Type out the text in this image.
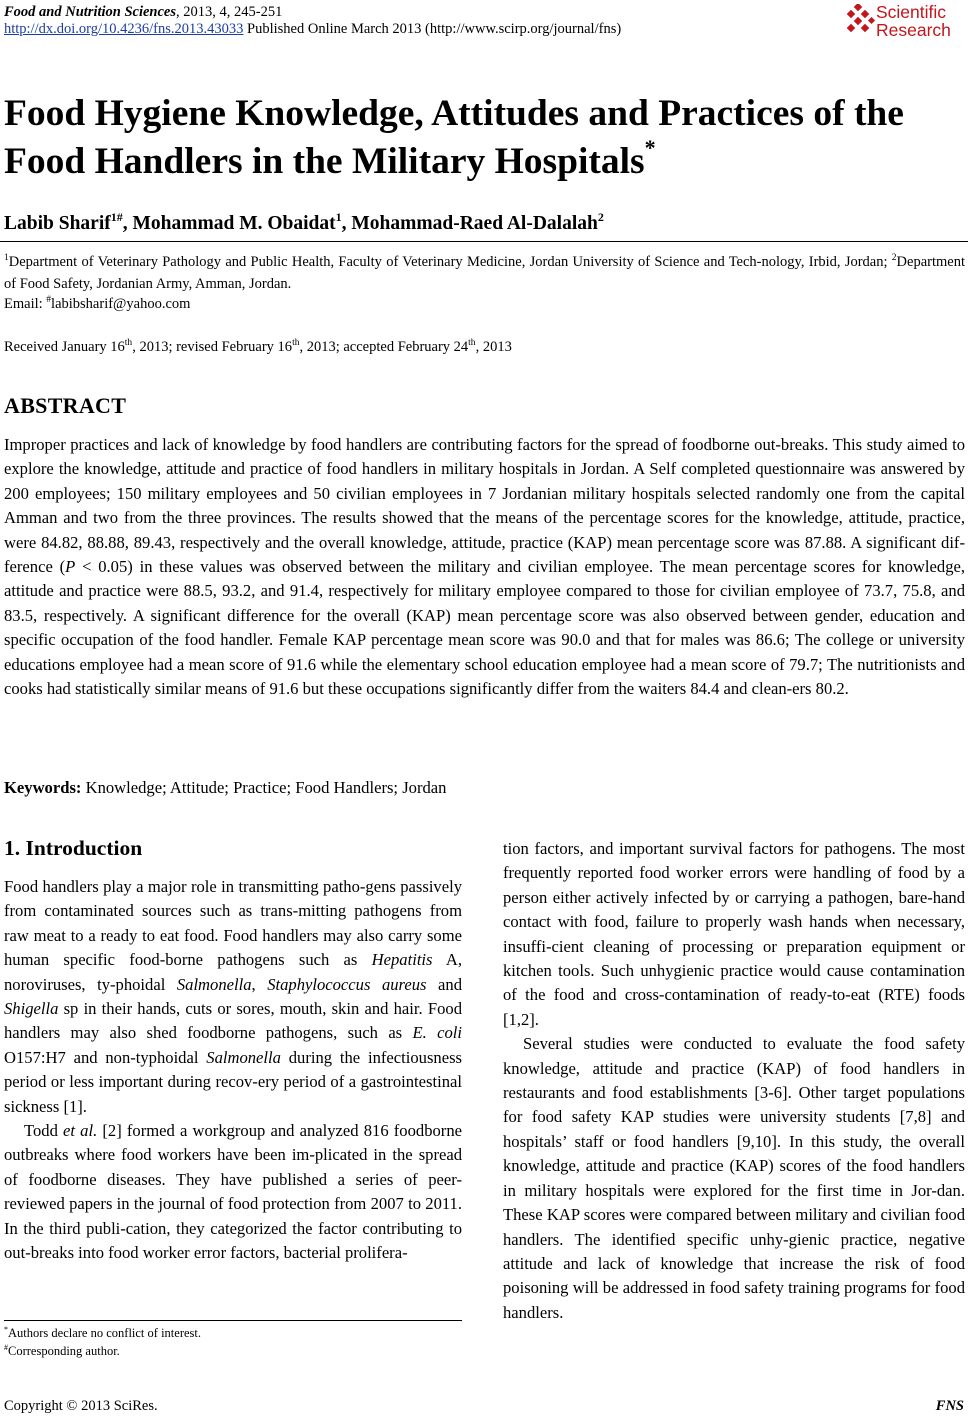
Food and Nutrition Sciences, 2013, 4, 245-251
http://dx.doi.org/10.4236/fns.2013.43033 Published Online March 2013 (http://www.scirp.org/journal/fns)
Scientific
Research
Food Hygiene Knowledge, Attitudes and Practices of the
Food Handlers in the Military Hospitals*
Labib Sharif$^{1\#}$, Mohammad M. Obaidat$^1$, Mohammad-Raed Al-Dalalah$^2$
$^1$Department of Veterinary Pathology and Public Health, Faculty of Veterinary Medicine, Jordan University of Science and Tech-nology, Irbid, Jordan; $^2$Department of Food Safety, Jordanian Army, Amman, Jordan.
Email: #labibsharif@yahoo.com
Received January 16th, 2013; revised February 16th, 2013; accepted February 24th, 2013
ABSTRACT
Improper practices and lack of knowledge by food handlers are contributing factors for the spread of foodborne out-breaks. This study aimed to explore the knowledge, attitude and practice of food handlers in military hospitals in Jordan. A Self completed questionnaire was answered by 200 employees; 150 military employees and 50 civilian employees in 7 Jordanian military hospitals selected randomly one from the capital Amman and two from the three provinces. The results showed that the means of the percentage scores for the knowledge, attitude, practice, were 84.82, 88.88, 89.43, respectively and the overall knowledge, attitude, practice (KAP) mean percentage score was 87.88. A significant dif-ference (P < 0.05) in these values was observed between the military and civilian employee. The mean percentage scores for knowledge, attitude and practice were 88.5, 93.2, and 91.4, respectively for military employee compared to those for civilian employee of 73.7, 75.8, and 83.5, respectively. A significant difference for the overall (KAP) mean percentage score was also observed between gender, education and specific occupation of the food handler. Female KAP percentage mean score was 90.0 and that for males was 86.6; The college or university educations employee had a mean score of 91.6 while the elementary school education employee had a mean score of 79.7; The nutritionists and cooks had statistically similar means of 91.6 but these occupations significantly differ from the waiters 84.4 and clean-ers 80.2.
Keywords: Knowledge; Attitude; Practice; Food Handlers; Jordan
1. Introduction

Food handlers play a major role in transmitting patho-gens passively from contaminated sources such as trans-mitting pathogens from raw meat to a ready to eat food. Food handlers may also carry some human specific food-borne pathogens such as Hepatitis A, noroviruses, ty-phoidal Salmonella, Staphylococcus aureus and Shigella sp in their hands, cuts or sores, mouth, skin and hair. Food handlers may also shed foodborne pathogens, such as E. coli O157:H7 and non-typhoidal Salmonella during the infectiousness period or less important during recov-ery period of a gastrointestinal sickness [1].

Todd et al. [2] formed a workgroup and analyzed 816 foodborne outbreaks where food workers have been im-plicated in the spread of foodborne diseases. They have published a series of peer-reviewed papers in the journal of food protection from 2007 to 2011. In the third publi-cation, they categorized the factor contributing to out-breaks into food worker error factors, bacterial prolifera-

tion factors, and important survival factors for pathogens. The most frequently reported food worker errors were handling of food by a person either actively infected by or carrying a pathogen, bare-hand contact with food, failure to properly wash hands when necessary, insuffi-cient cleaning of processing or preparation equipment or kitchen tools. Such unhygienic practice would cause contamination of the food and cross-contamination of ready-to-eat (RTE) foods [1,2].

Several studies were conducted to evaluate the food safety knowledge, attitude and practice (KAP) of food handlers in restaurants and food establishments [3-6]. Other target populations for food safety KAP studies were university students [7,8] and hospitals’ staff or food handlers [9,10]. In this study, the overall knowledge, attitude and practice (KAP) scores of the food handlers in military hospitals were explored for the first time in Jor-dan. These KAP scores were compared between military and civilian food handlers. The identified specific unhy-gienic practice, negative attitude and lack of knowledge that increase the risk of food poisoning will be addressed in food safety training programs for food handlers.

*Authors declare no conflict of interest.
#Corresponding author.
Copyright © 2013 SciRes.	FNS
